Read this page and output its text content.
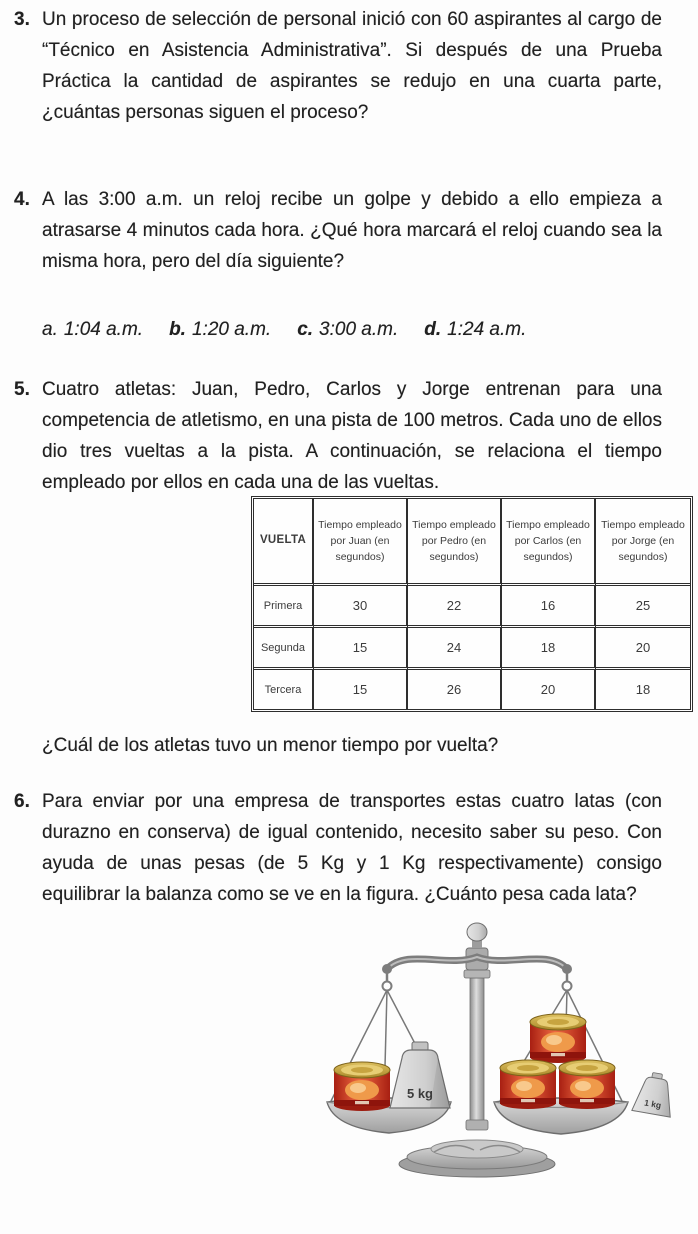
3. Un proceso de selección de personal inició con 60 aspirantes al cargo de “Técnico en Asistencia Administrativa”. Si después de una Prueba Práctica la cantidad de aspirantes se redujo en una cuarta parte, ¿cuántas personas siguen el proceso?
4. A las 3:00 a.m. un reloj recibe un golpe y debido a ello empieza a atrasarse 4 minutos cada hora. ¿Qué hora marcará el reloj cuando sea la misma hora, pero del día siguiente?
a. 1:04 a.m. b. 1:20 a.m. c. 3:00 a.m. d. 1:24 a.m.
5. Cuatro atletas: Juan, Pedro, Carlos y Jorge entrenan para una competencia de atletismo, en una pista de 100 metros. Cada uno de ellos dio tres vueltas a la pista. A continuación, se relaciona el tiempo empleado por ellos en cada una de las vueltas.
VUELTA	Tiempo empleado por Juan (en segundos)	Tiempo empleado por Pedro (en segundos)	Tiempo empleado por Carlos (en segundos)	Tiempo empleado por Jorge (en segundos)
Primera	30	22	16	25
Segunda	15	24	18	20
Tercera	15	26	20	18
¿Cuál de los atletas tuvo un menor tiempo por vuelta?
6. Para enviar por una empresa de transportes estas cuatro latas (con durazno en conserva) de igual contenido, necesito saber su peso. Con ayuda de unas pesas (de 5 Kg y 1 Kg respectivamente) consigo equilibrar la balanza como se ve en la figura. ¿Cuánto pesa cada lata?
5 kg
1 kg
